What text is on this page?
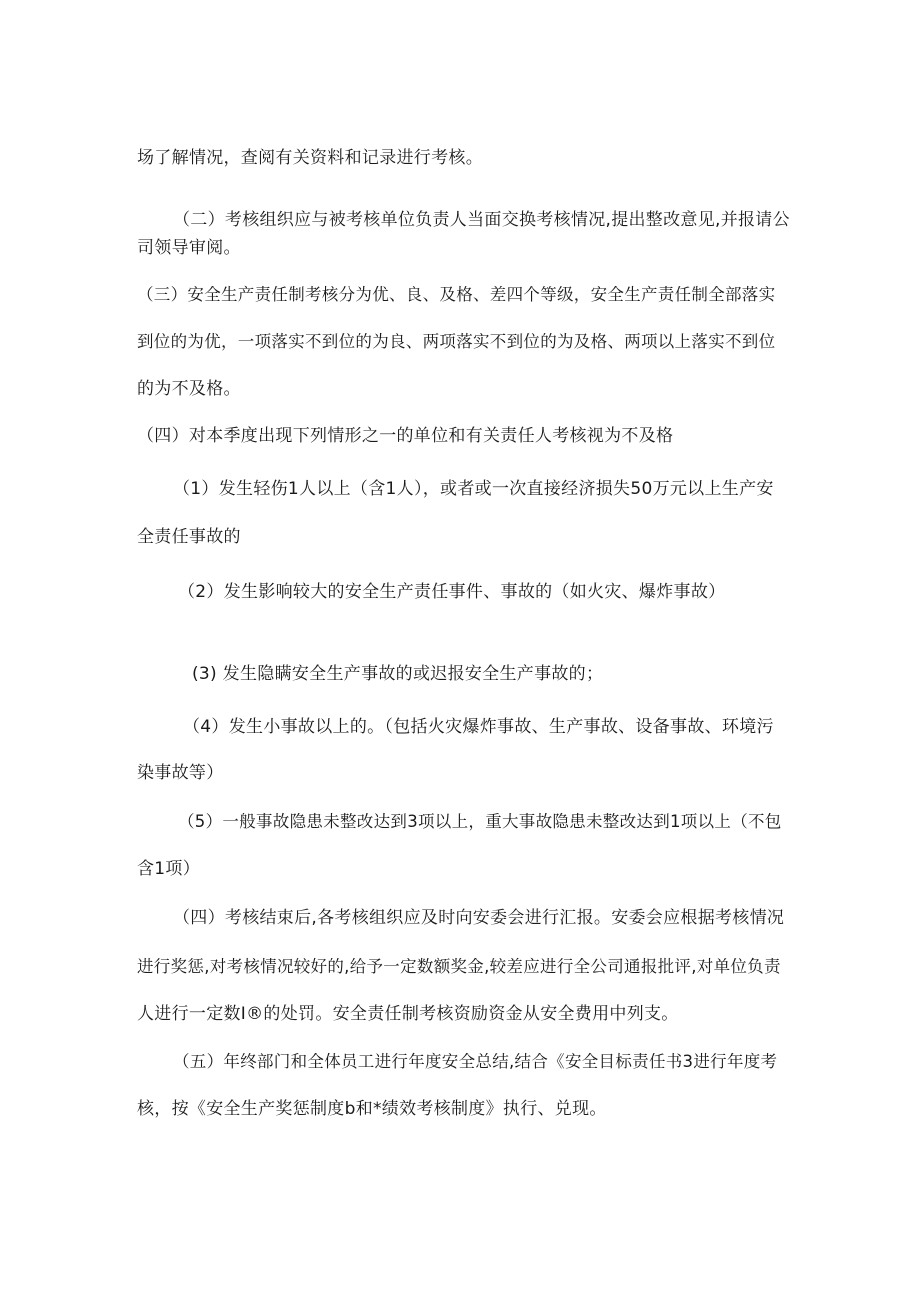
场了解情况，查阅有关资料和记录进行考核。
（二）考核组织应与被考核单位负责人当面交换考核情况,提出整改意见,并报请公
司领导审阅。
（三）安全生产责任制考核分为优、良、及格、差四个等级，安全生产责任制全部落实
到位的为优，一项落实不到位的为良、两项落实不到位的为及格、两项以上落实不到位
的为不及格。
（四）对本季度出现下列情形之一的单位和有关责任人考核视为不及格
（1）发生轻伤1人以上（含1人），或者或一次直接经济损失50万元以上生产安
全责任事故的
（2）发生影响较大的安全生产责任事件、事故的（如火灾、爆炸事故）
(3) 发生隐瞒安全生产事故的或迟报安全生产事故的；
（4）发生小事故以上的。（包括火灾爆炸事故、生产事故、设备事故、环境污
染事故等）
（5）一般事故隐患未整改达到3项以上，重大事故隐患未整改达到1项以上（不包
含1项）
（四）考核结束后,各考核组织应及时向安委会进行汇报。安委会应根据考核情况
进行奖惩,对考核情况较好的,给予一定数额奖金,较差应进行全公司通报批评,对单位负责
人进行一定数I®的处罚。安全责任制考核资励资金从安全费用中列支。
（五）年终部门和全体员工进行年度安全总结,结合《安全目标责任书3进行年度考
核，按《安全生产奖惩制度b和*绩效考核制度》执行、兑现。
